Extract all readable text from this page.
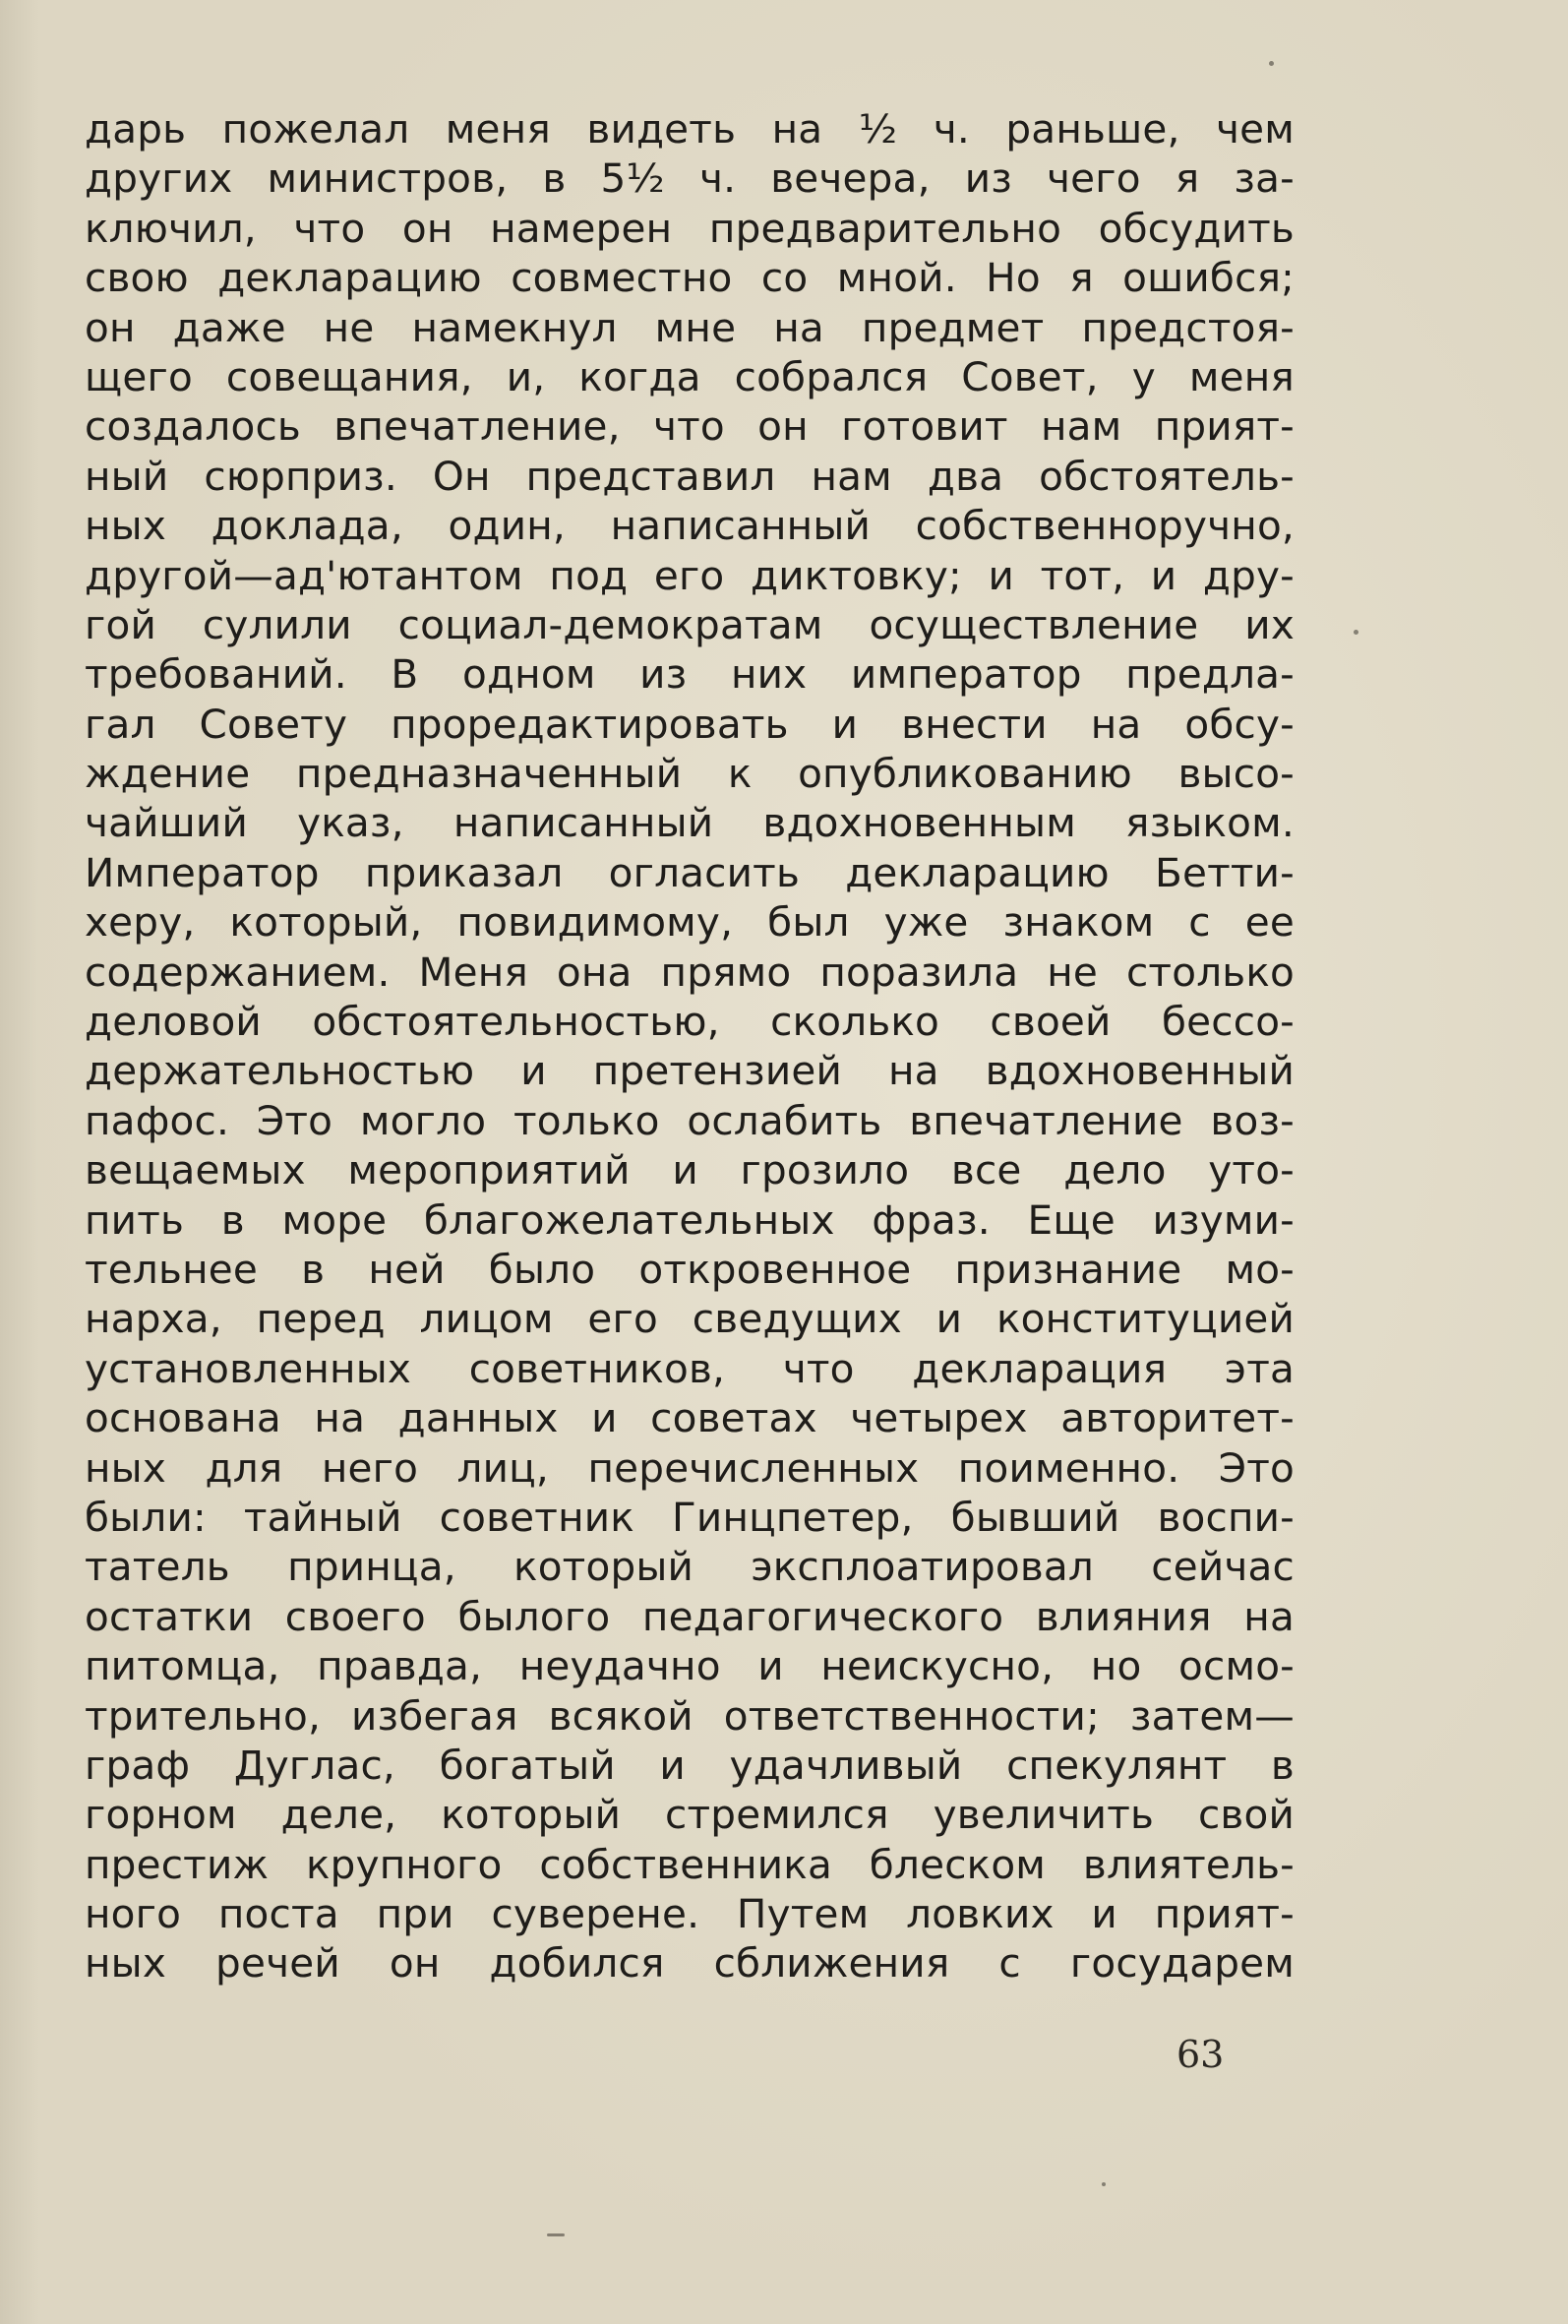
дарь пожелал меня видеть на ½ ч. раньше, чем
других министров, в 5½ ч. вечера, из чего я за-
ключил, что он намерен предварительно обсудить
свою декларацию совместно со мной. Но я ошибся;
он даже не намекнул мне на предмет предстоя-
щего совещания, и, когда собрался Совет, у меня
создалось впечатление, что он готовит нам прият-
ный сюрприз. Он представил нам два обстоятель-
ных доклада, один, написанный собственноручно,
другой—ад'ютантом под его диктовку; и тот, и дру-
гой сулили социал-демократам осуществление их
требований. В одном из них император предла-
гал Совету проредактировать и внести на обсу-
ждение предназначенный к опубликованию высо-
чайший указ, написанный вдохновенным языком.
Император приказал огласить декларацию Бетти-
херу, который, повидимому, был уже знаком с ее
содержанием. Меня она прямо поразила не столько
деловой обстоятельностью, сколько своей бессо-
держательностью и претензией на вдохновенный
пафос. Это могло только ослабить впечатление воз-
вещаемых мероприятий и грозило все дело уто-
пить в море благожелательных фраз. Еще изуми-
тельнее в ней было откровенное признание мо-
нарха, перед лицом его сведущих и конституцией
установленных советников, что декларация эта
основана на данных и советах четырех авторитет-
ных для него лиц, перечисленных поименно. Это
были: тайный советник Гинцпетер, бывший воспи-
татель принца, который эксплоатировал сейчас
остатки своего былого педагогического влияния на
питомца, правда, неудачно и неискусно, но осмо-
трительно, избегая всякой ответственности; затем—
граф Дуглас, богатый и удачливый спекулянт в
горном деле, который стремился увеличить свой
престиж крупного собственника блеском влиятель-
ного поста при суверене. Путем ловких и прият-
ных речей он добился сближения с государем
63
